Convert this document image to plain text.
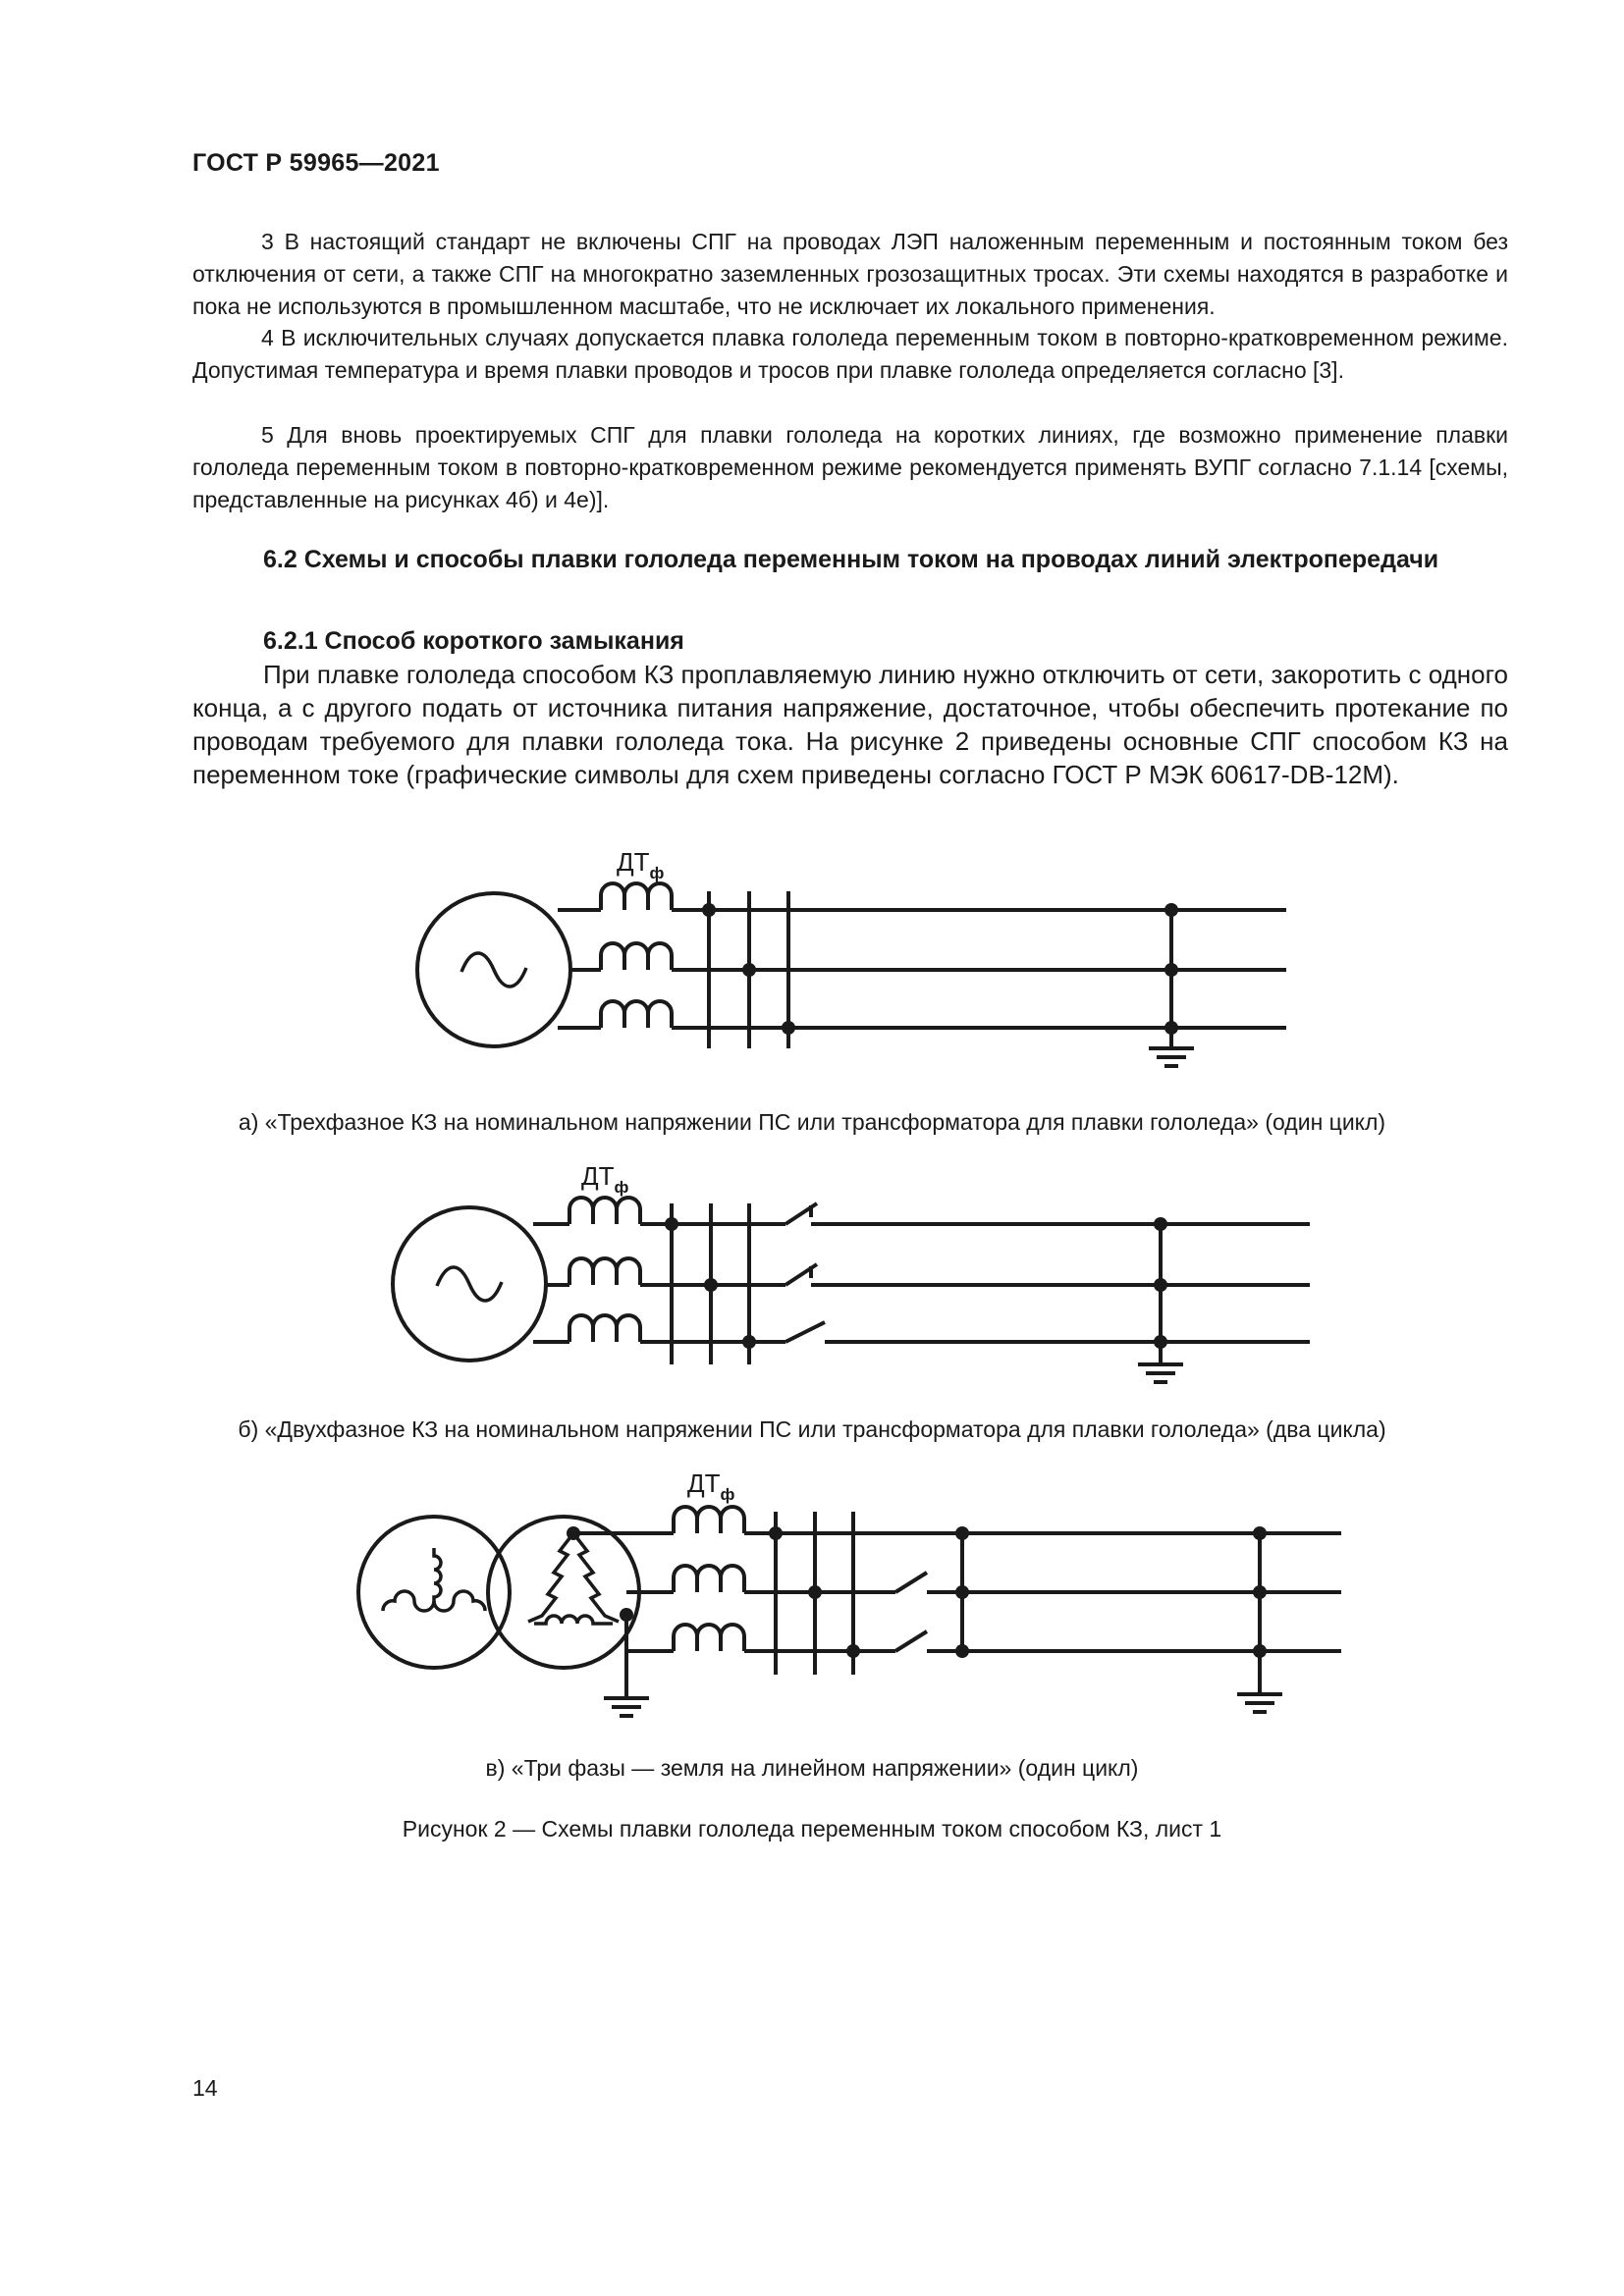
ГОСТ Р 59965—2021
3 В настоящий стандарт не включены СПГ на проводах ЛЭП наложенным переменным и постоянным током без отключения от сети, а также СПГ на многократно заземленных грозозащитных тросах. Эти схемы находятся в разработке и пока не используются в промышленном масштабе, что не исключает их локального применения.
4 В исключительных случаях допускается плавка гололеда переменным током в повторно-кратковременном режиме. Допустимая температура и время плавки проводов и тросов при плавке гололеда определяется согласно [3].
5 Для вновь проектируемых СПГ для плавки гололеда на коротких линиях, где возможно применение плавки гололеда переменным током в повторно-кратковременном режиме рекомендуется применять ВУПГ согласно 7.1.14 [схемы, представленные на рисунках 4б) и 4е)].
6.2 Схемы и способы плавки гололеда переменным током на проводах линий электропередачи
6.2.1 Способ короткого замыкания
При плавке гололеда способом КЗ проплавляемую линию нужно отключить от сети, закоротить с одного конца, а с другого подать от источника питания напряжение, достаточное, чтобы обеспечить протекание по проводам требуемого для плавки гололеда тока. На рисунке 2 приведены основные СПГ способом КЗ на переменном токе (графические символы для схем приведены согласно ГОСТ Р МЭК 60617-DB-12М).
$ДТ_ф$
а) «Трехфазное КЗ на номинальном напряжении ПС или трансформатора для плавки гололеда» (один цикл)
$ДТ_ф$
б) «Двухфазное КЗ на номинальном напряжении ПС или трансформатора для плавки гололеда» (два цикла)
$ДТ_ф$
в) «Три фазы — земля на линейном напряжении» (один цикл)
Рисунок 2 — Схемы плавки гололеда переменным током способом КЗ, лист 1
14
